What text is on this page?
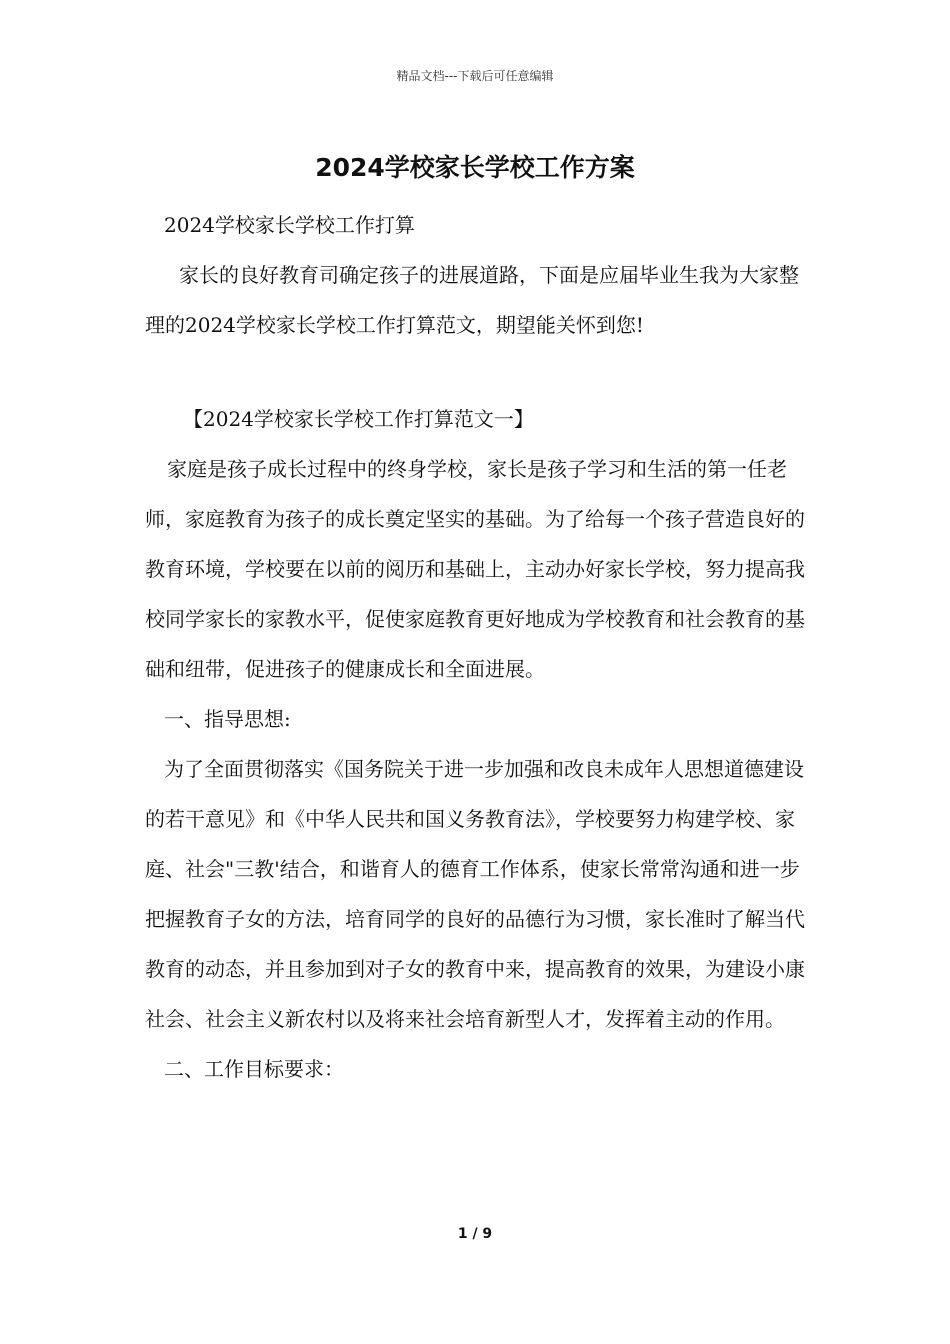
精品文档---下载后可任意编辑
2024学校家长学校工作方案

2024学校家长学校工作打算

家长的良好教育司确定孩子的进展道路，下面是应届毕业生我为大家整理的2024学校家长学校工作打算范文，期望能关怀到您!

【2024学校家长学校工作打算范文一】

家庭是孩子成长过程中的终身学校，家长是孩子学习和生活的第一任老师，家庭教育为孩子的成长奠定坚实的基础。为了给每一个孩子营造良好的教育环境，学校要在以前的阅历和基础上，主动办好家长学校，努力提高我校同学家长的家教水平，促使家庭教育更好地成为学校教育和社会教育的基础和纽带，促进孩子的健康成长和全面进展。

一、指导思想:

为了全面贯彻落实《国务院关于进一步加强和改良未成年人思想道德建设的若干意见》和《中华人民共和国义务教育法》，学校要努力构建学校、家庭、社会"三教'结合，和谐育人的德育工作体系，使家长常常沟通和进一步把握教育子女的方法，培育同学的良好的品德行为习惯，家长准时了解当代教育的动态，并且参加到对子女的教育中来，提高教育的效果，为建设小康社会、社会主义新农村以及将来社会培育新型人才，发挥着主动的作用。

二、工作目标要求：

1 / 9
